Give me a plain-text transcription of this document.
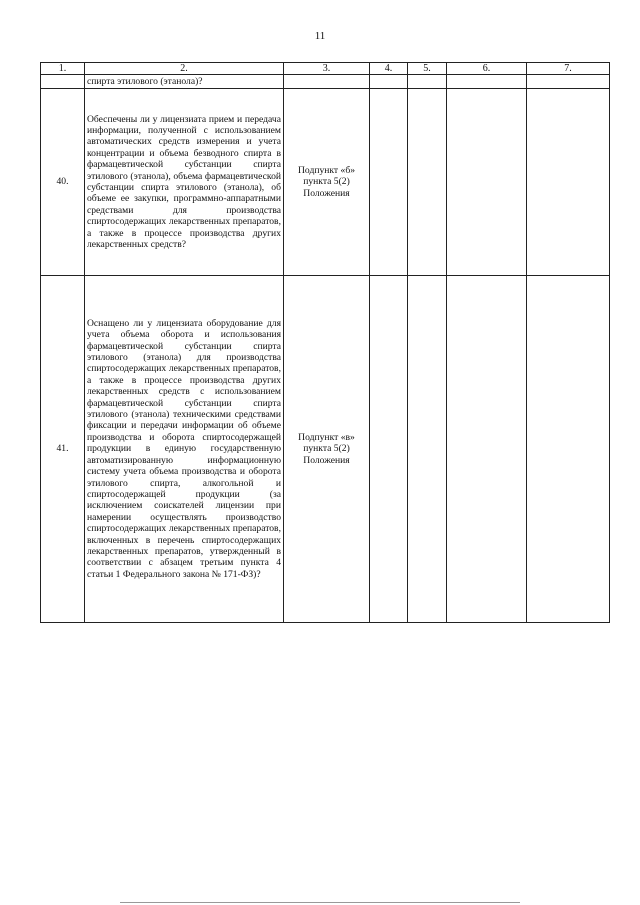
11
1.	2.	3.	4.	5.	6.	7.
	спирта этилового (этанола)?					
40.	Обеспечены ли у лицензиата прием и передача информации, полученной с использованием автоматических средств измерения и учета концентрации и объема безводного спирта в фармацевтической субстанции спирта этилового (этанола), объема фармацевтической субстанции спирта этилового (этанола), об объеме ее закупки, программно-аппаратными средствами для производства спиртосодержащих лекарственных препаратов, а также в процессе производства других лекарственных средств?	Подпункт «б» пункта 5(2) Положения				
41.	Оснащено ли у лицензиата оборудование для учета объема оборота и использования фармацевтической субстанции спирта этилового (этанола) для производства спиртосодержащих лекарственных препаратов, а также в процессе производства других лекарственных средств с использованием фармацевтической субстанции спирта этилового (этанола) техническими средствами фиксации и передачи информации об объеме производства и оборота спиртосодержащей продукции в единую государственную автоматизированную информационную систему учета объема производства и оборота этилового спирта, алкогольной и спиртосодержащей продукции (за исключением соискателей лицензии при намерении осуществлять производство спиртосодержащих лекарственных препаратов, включенных в перечень спиртосодержащих лекарственных препаратов, утвержденный в соответствии с абзацем третьим пункта 4 статьи 1 Федерального закона № 171-ФЗ)?	Подпункт «в» пункта 5(2) Положения				
